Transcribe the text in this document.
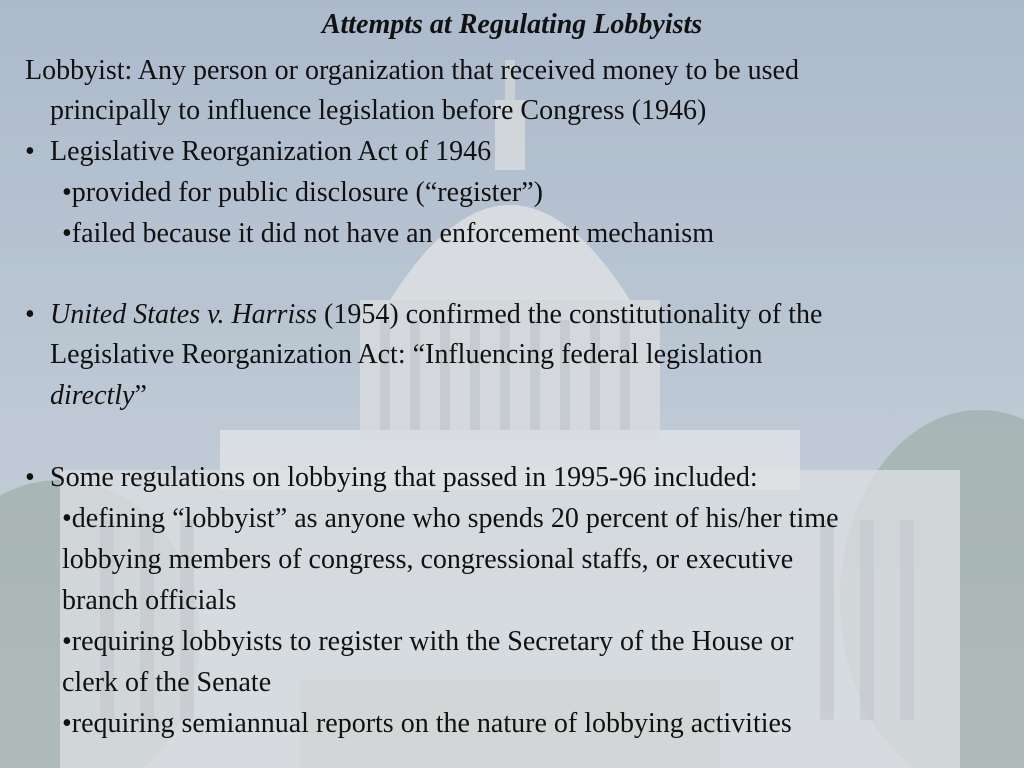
Attempts at Regulating Lobbyists
Lobbyist: Any person or organization that received money to be used
principally to influence legislation before Congress (1946)
• Legislative Reorganization Act of 1946
•provided for public disclosure (“register”)
•failed because it did not have an enforcement mechanism
• United States v. Harriss (1954) confirmed the constitutionality of the
Legislative Reorganization Act: “Influencing federal legislation
directly”
• Some regulations on lobbying that passed in 1995-96 included:
•defining “lobbyist” as anyone who spends 20 percent of his/her time
lobbying members of congress, congressional staffs, or executive
branch officials
•requiring lobbyists to register with the Secretary of the House or
clerk of the Senate
•requiring semiannual reports on the nature of lobbying activities
